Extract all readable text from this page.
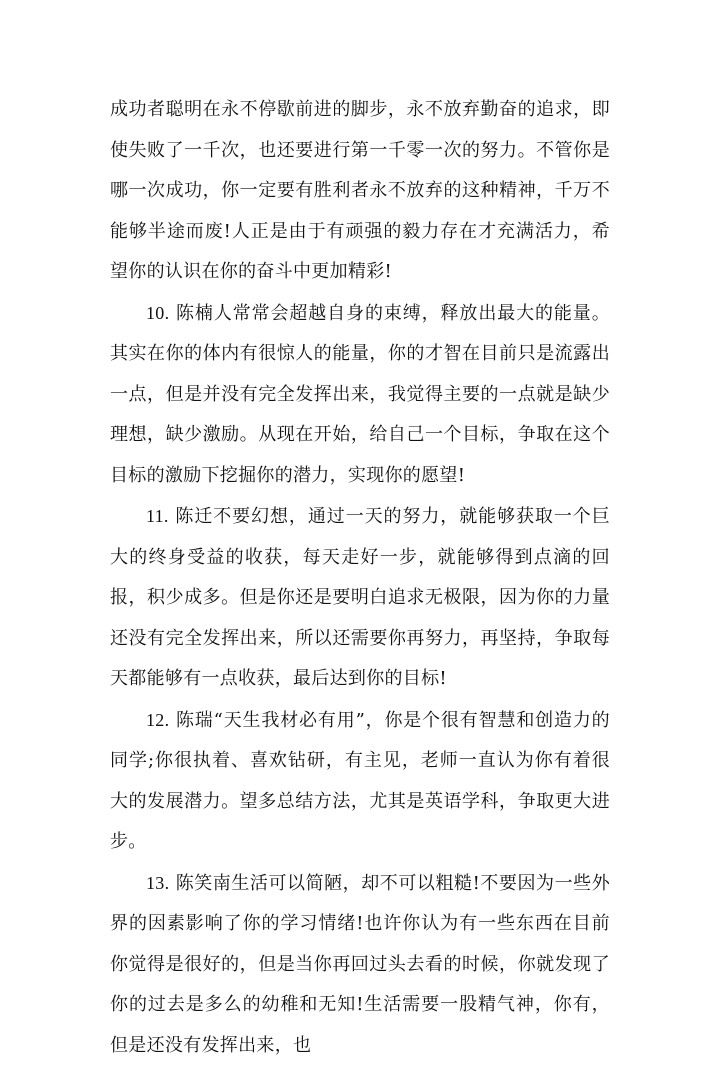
成功者聪明在永不停歇前进的脚步，永不放弃勤奋的追求，即使失败了一千次，也还要进行第一千零一次的努力。不管你是哪一次成功，你一定要有胜利者永不放弃的这种精神，千万不能够半途而废!人正是由于有顽强的毅力存在才充满活力，希望你的认识在你的奋斗中更加精彩!

10. 陈楠人常常会超越自身的束缚，释放出最大的能量。其实在你的体内有很惊人的能量，你的才智在目前只是流露出一点，但是并没有完全发挥出来，我觉得主要的一点就是缺少理想，缺少激励。从现在开始，给自己一个目标，争取在这个目标的激励下挖掘你的潜力，实现你的愿望!

11. 陈迁不要幻想，通过一天的努力，就能够获取一个巨大的终身受益的收获，每天走好一步，就能够得到点滴的回报，积少成多。但是你还是要明白追求无极限，因为你的力量还没有完全发挥出来，所以还需要你再努力，再坚持，争取每天都能够有一点收获，最后达到你的目标!

12. 陈瑞“天生我材必有用”，你是个很有智慧和创造力的同学;你很执着、喜欢钻研，有主见，老师一直认为你有着很大的发展潜力。望多总结方法，尤其是英语学科，争取更大进步。

13. 陈笑南生活可以简陋，却不可以粗糙!不要因为一些外界的因素影响了你的学习情绪!也许你认为有一些东西在目前你觉得是很好的，但是当你再回过头去看的时候，你就发现了你的过去是多么的幼稚和无知!生活需要一股精气神，你有，但是还没有发挥出来，也
